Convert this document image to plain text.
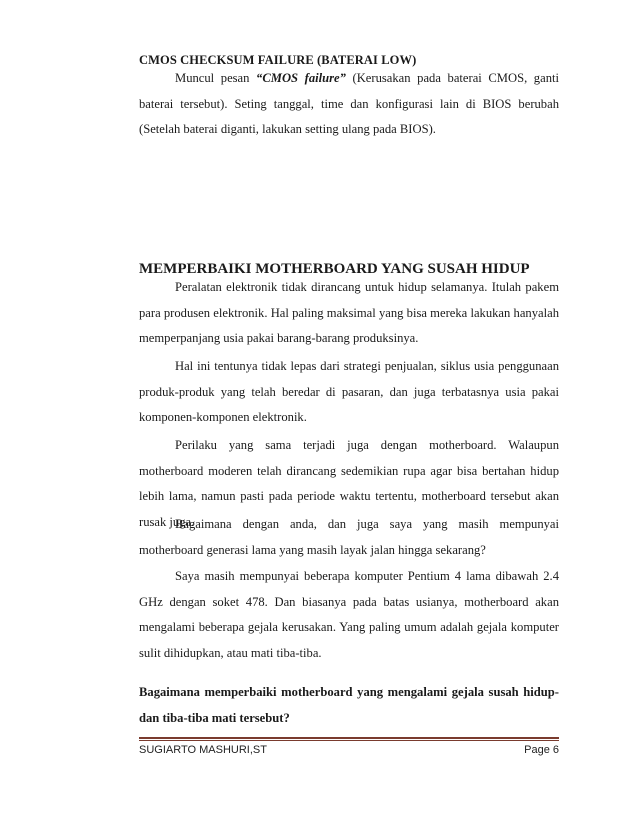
CMOS CHECKSUM FAILURE (BATERAI LOW)
Muncul pesan “CMOS failure” (Kerusakan pada baterai CMOS, ganti baterai tersebut). Seting tanggal, time dan konfigurasi lain di BIOS berubah (Setelah baterai diganti, lakukan setting ulang pada BIOS).
MEMPERBAIKI MOTHERBOARD YANG SUSAH HIDUP
Peralatan elektronik tidak dirancang untuk hidup selamanya. Itulah pakem para produsen elektronik. Hal paling maksimal yang bisa mereka lakukan hanyalah memperpanjang usia pakai barang-barang produksinya.
Hal ini tentunya tidak lepas dari strategi penjualan, siklus usia penggunaan produk-produk yang telah beredar di pasaran, dan juga terbatasnya usia pakai komponen-komponen elektronik.
Perilaku yang sama terjadi juga dengan motherboard. Walaupun motherboard moderen telah dirancang sedemikian rupa agar bisa bertahan hidup lebih lama, namun pasti pada periode waktu tertentu, motherboard tersebut akan rusak juga.
Bagaimana dengan anda, dan juga saya yang masih mempunyai motherboard generasi lama yang masih layak jalan hingga sekarang?
Saya masih mempunyai beberapa komputer Pentium 4 lama dibawah 2.4 GHz dengan soket 478. Dan biasanya pada batas usianya, motherboard akan mengalami beberapa gejala kerusakan. Yang paling umum adalah gejala komputer sulit dihidupkan, atau mati tiba-tiba.
Bagaimana memperbaiki motherboard yang mengalami gejala susah hidup-dan tiba-tiba mati tersebut?
SUGIARTO MASHURI,ST	Page 6
